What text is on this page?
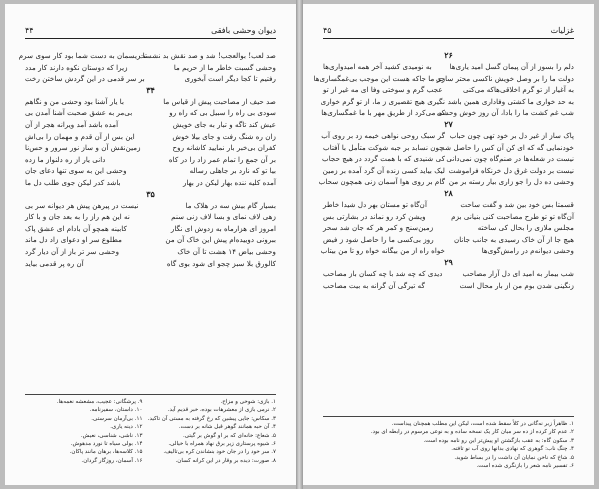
دیوان وحشی بافقی
۴۴
صد لعب! بوالعجب! شد و صد نقش بد نشست
تا ریسمان به دست شما بود کار سوی سرم
وحشی گسبت خاطر ما از حریم ما
زیرا که دوستان نکوه دارند کار مدد
رفتیم تا کجا دیگر است آبخوری
بر سر قدمی در این گردش ساختن رخت
۳۴
صد حیف از مصاحبت پیش از قیاس ما
با یار آشنا بود وحشی من و نگاهم
سودی بی راه را سبیل بی که راه رو
بی‌مر به عشق صحبت آشنا آمدن بی
عیش کند تاگه و تبار به جای خویش
آمده باشد آمد ویرانه هجر از آن
زان ره شنگ رفت و جای بیلا خوش
این بس از آن قدم و مهمان را بی‌اش
کفران بی‌خبر بار نمایید کاشانه روح
زمین‌نقش آن و ساز نور سرور و حس‌نا
بر آن جمع را تمام عمر زاد را در کاه
دانی یار از ره دلنواز ما زده
بیا تو که نارد بر جاهلی رساله
وحشی این به سوی تنها دعای جان
آمده کلیه ننده بهار لیکن در بهار
باشد کدر لیکن جوی طلب دل ما
۳۵
بسیار گام بیش سه در هلاک ما
نیست در پیرهن پیش هر دیوانه سر بی
زهی لاف نمای و بسا لاف زنی سنم
نه این هم راز را به بعد جان و با کار
امروز ای هزارماه به زدوش ای نگار
کابینه همچو آن بادام ای عشق پاک
ببرونی دوییده‌ام پیش این خاک آن من
مطلوع سر او دعوای زاد دل ماند
وحشی بیاض ۱۴ هشت تا آن خاک
وحشی سر تر باز از آن دیار گرد
کالورق بلا سبز چجو ای شود بوی گاه
آن ره پر قدمی بیاید
۱. بازی: شوخی و مزاح.
۲. نرمی بازی از معشرهات بوده، خبر قدیم آید.
۳. سکاس: جایی پیشین که رخ گرفته به مستی آن تاکید.
۴. آن حبه همانند گوهر قبل شانه بر دست.
۵. شعاع: خانه‌ای که بر او گوش بر گیتی.
۶. شیوه پرستاری زیر برق نهاد همراه با خیالی.
۷. سر خود را در جان خود بنشاندن کره بی‌تالیف.
۸. صورت: دیده بر وقار در این کرانه کسان.
۹. پرشگانی: عجیب، مشعشه نغمه‌ها.
۱۰. داستان، سفیرنامه.
۱۱. بی‌آرمان سرستی.
۱۲. دینه یاری.
۱۳. ناشی، شناسی، نعیش.
۱۴. بولی سیاه تا نورد مدهوش.
۱۵. کلاسه‌ها، برهان مانند پاکان.
۱۶. آسمان، روزگار گردان.
غزلیات
۴۵
۲۶
دلم را بسوز از آن پیمان گسل امید یاری‌ها
به نومیدی کشید آخر همه امیدواری‌ها
دولت ما را بر وصل خویش ناکسی محتر سازی
جز ما جاکه هست این موجب بی‌غمگساری‌ها
به آغیار از تو گرم اخلاقی‌هاکه می‌کنی
عجب گرم و سوختی وفا ای مه غیر از تو
به حد خواری ما کشتی وفاداری همین باشد
نگیری هیچ تقصیری ز ما، از تو گرم خواری
شب غم کشت ما را بادا، آن روز خوش وحشی
که می‌کرد از طریق مهر با ما غمگساری‌ها
۲۷
پاک ساز از غیر دل بر خود تهی چون حباب
گر سبک روحی نواهی خیمه زد بر روی آب
خودنمایی گه که ای کن آن کس را حاصل شد
چون نسابد بر جبه شوکت متأمل با آفتاب
نیست در شعله‌ها در صنم‌گاه چون نمی‌دانی
کی شنیدی که با همت گردد در هیچ حجاب
نیست بر دولت غرق دل خرنکاه فراموشت
لیک بیاید کسی زنده آن گرد آمده بر زمین
وحشی ده دل را جو زاری بیار رسته بر من
گام بر روی هوا آسمان زنی همچون سحاب
۲۸
قسمتا بس خود بین شد و گفت ساحت
آن‌گاه تو مستان بهر دل شیدا خاطر
آن‌گاه تو تو طرح مصاحبت کنی بنیانی بزم
ویشن کرد رو نماند در بشارتی بس
مجلس ملازی را بحال کی ساخته
زمین‌سنج و کمر هر که جان شد سحر
هیچ جا از آن خاک رسیدی به جانب جانان
روز بی‌کسی ما را حاصل شود ز فیض
وحشی دیوانه‌م در رامش‌گوی‌ها
خواه راه از من بیگانه خواه رو تا من بیتاب
۲۹
شب بیمار به امید ای دل آزار مصاحب
دیدی که چه شد با چه کسان باز مصاحب
زنگینی شدن بوم من از بار محال است
گه تیرگی آن گرانه به بیت مصاحب
۱. ظاهراً زبر نه‌گانی در کلاً سقط شده است، لیکن این مطلب همچنان پیداست.
۲. عدم کار کرده از ده سر میان کار یک نسخه ساده و به نوعی مرسوم در رابطه ای بود.
۳. سکون گاه: به عقب بازگشتن او پیش‌تر این رو نامه بوده است.
۴. چنگ ناب: گوهری که نهادی بدانها روی آب نو تافته.
۵. شاخ که ناخن نمایان آن داشت را در بساط شوید.
۶. تفسیر نامه شعر را بازنگری شده است.
